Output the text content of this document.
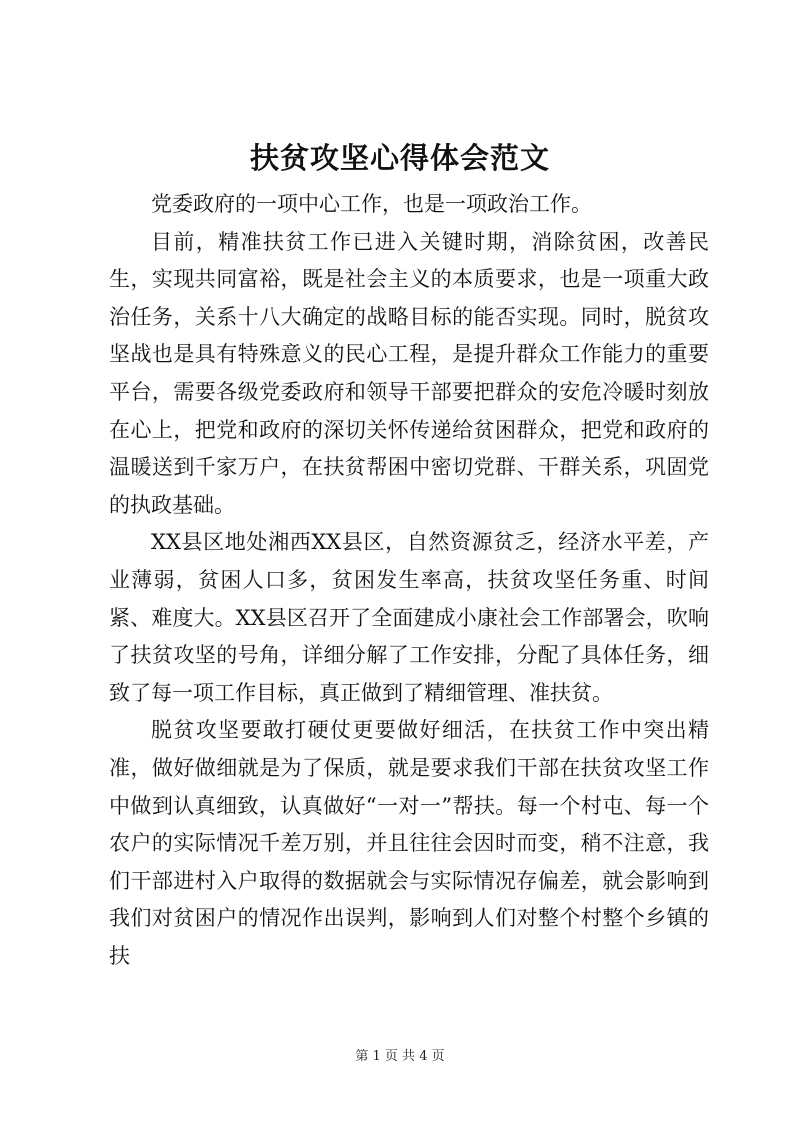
扶贫攻坚心得体会范文

党委政府的一项中心工作，也是一项政治工作。

目前，精准扶贫工作已进入关键时期，消除贫困，改善民生，实现共同富裕，既是社会主义的本质要求，也是一项重大政治任务，关系十八大确定的战略目标的能否实现。同时，脱贫攻坚战也是具有特殊意义的民心工程，是提升群众工作能力的重要平台，需要各级党委政府和领导干部要把群众的安危冷暖时刻放在心上，把党和政府的深切关怀传递给贫困群众，把党和政府的温暖送到千家万户，在扶贫帮困中密切党群、干群关系，巩固党的执政基础。

XX县区地处湘西XX县区，自然资源贫乏，经济水平差，产业薄弱，贫困人口多，贫困发生率高，扶贫攻坚任务重、时间紧、难度大。XX县区召开了全面建成小康社会工作部署会，吹响了扶贫攻坚的号角，详细分解了工作安排，分配了具体任务，细致了每一项工作目标，真正做到了精细管理、准扶贫。

脱贫攻坚要敢打硬仗更要做好细活，在扶贫工作中突出精准，做好做细就是为了保质，就是要求我们干部在扶贫攻坚工作中做到认真细致，认真做好“一对一”帮扶。每一个村屯、每一个农户的实际情况千差万别，并且往往会因时而变，稍不注意，我们干部进村入户取得的数据就会与实际情况存偏差，就会影响到我们对贫困户的情况作出误判，影响到人们对整个村整个乡镇的扶

第 1 页 共 4 页
